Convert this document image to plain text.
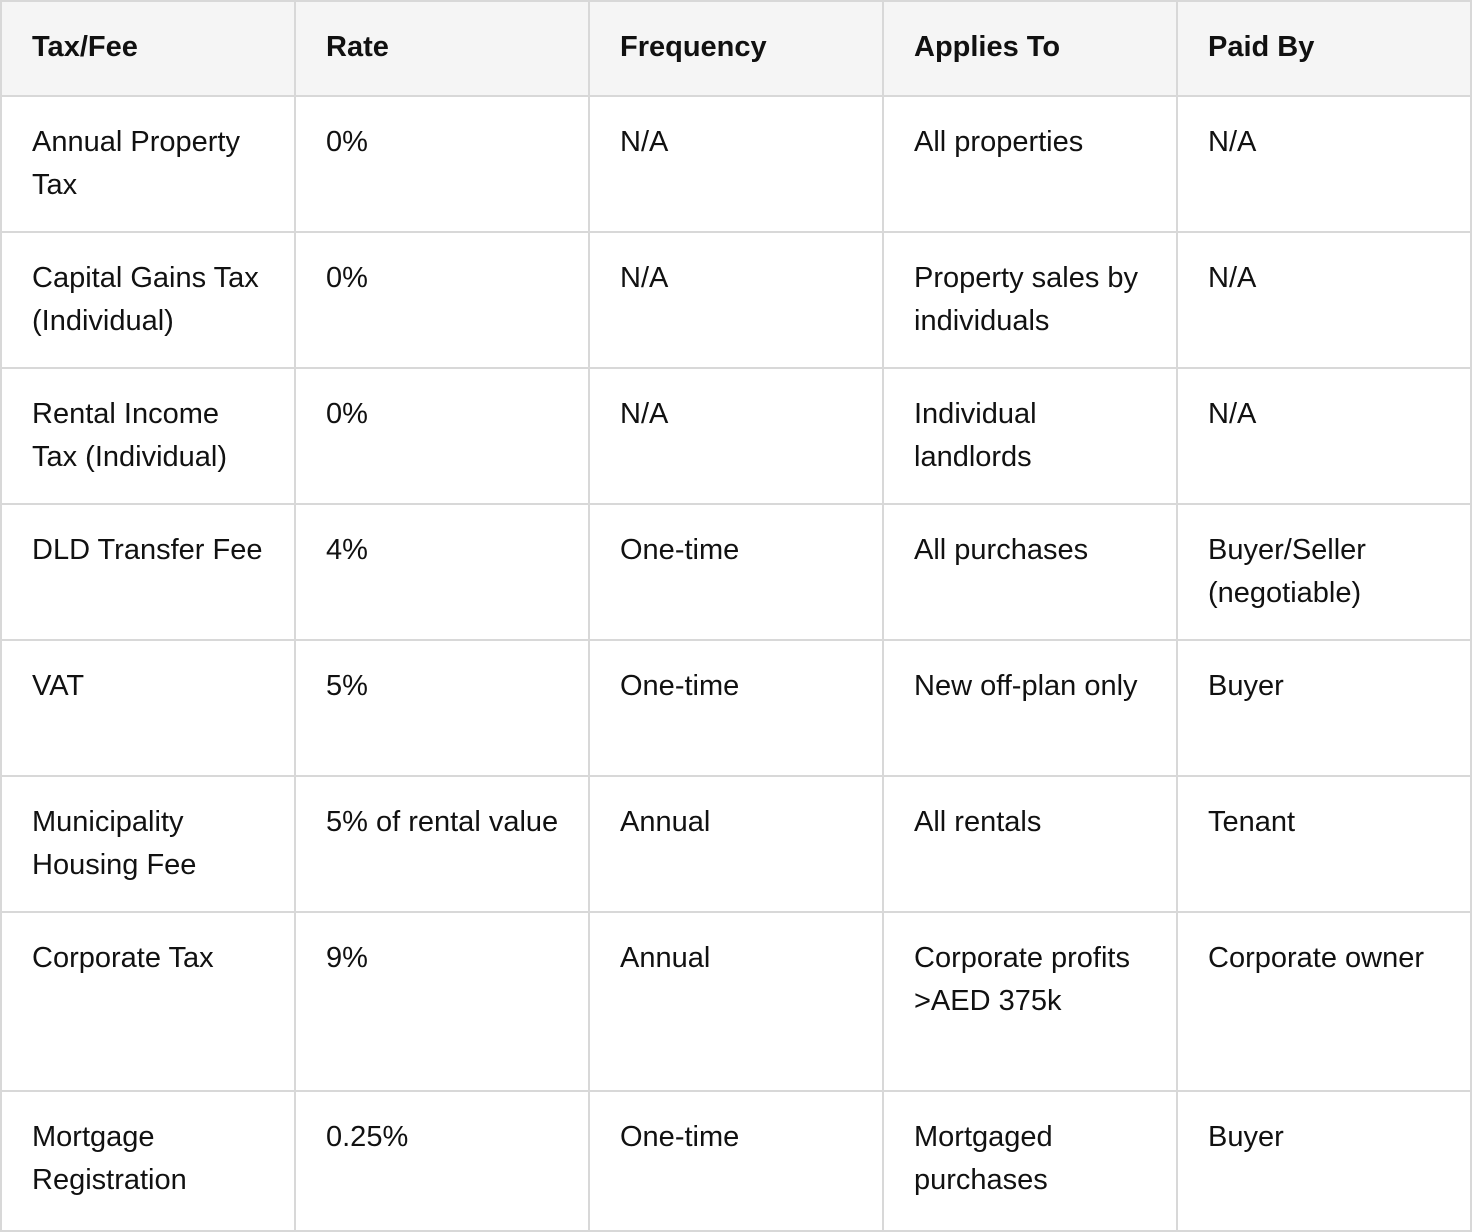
Tax/Fee	Rate	Frequency	Applies To	Paid By
Annual Property Tax	0%	N/A	All properties	N/A
Capital Gains Tax (Individual)	0%	N/A	Property sales by individuals	N/A
Rental Income Tax (Individual)	0%	N/A	Individual landlords	N/A
DLD Transfer Fee	4%	One-time	All purchases	Buyer/Seller (negotiable)
VAT	5%	One-time	New off-plan only	Buyer
Municipality Housing Fee	5% of rental value	Annual	All rentals	Tenant
Corporate Tax	9%	Annual	Corporate profits >AED 375k	Corporate owner
Mortgage Registration	0.25%	One-time	Mortgaged purchases	Buyer
